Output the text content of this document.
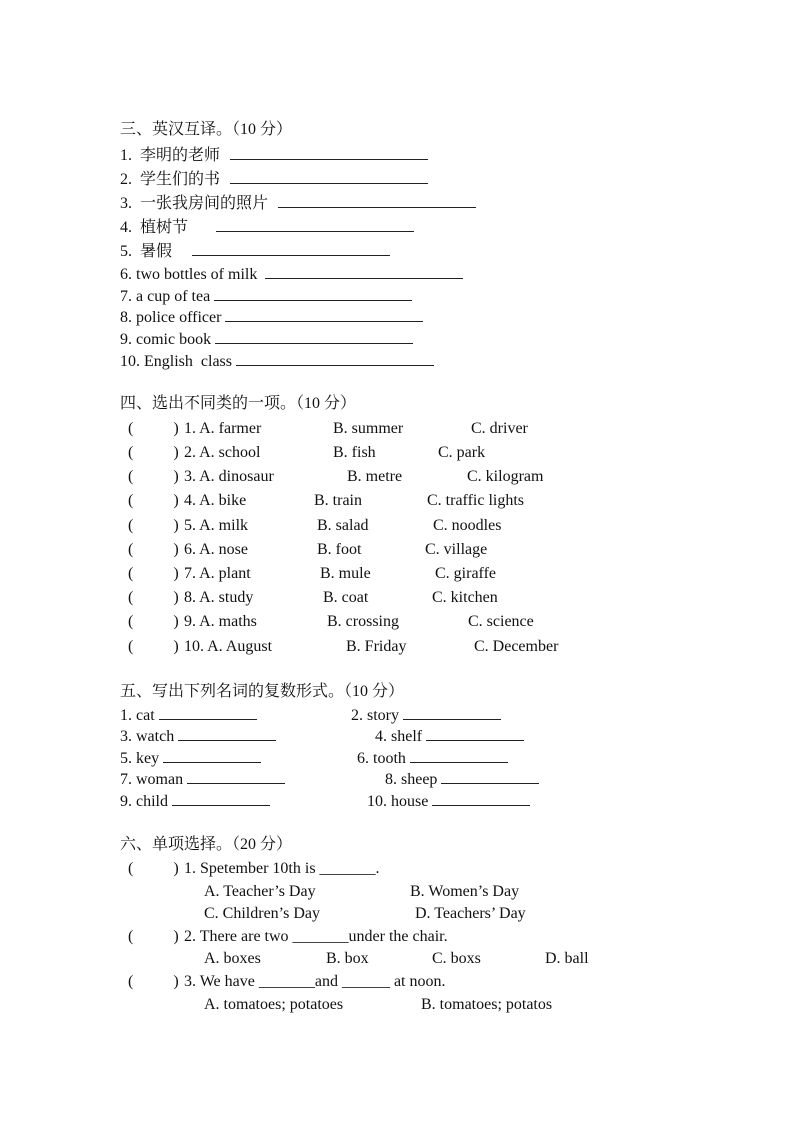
三、英汉互译。（10 分）
1.  李明的老师
2.  学生们的书
3.  一张我房间的照片
4.  植树节
5.  暑假
6. two bottles of milk
7. a cup of tea
8. police officer
9. comic book
10. English  class
四、选出不同类的一项。（10 分）
(          ) 1. A. farmer	B. summer	C. driver
(          ) 2. A. school	B. fish	C. park
(          ) 3. A. dinosaur	B. metre	C. kilogram
(          ) 4. A. bike	B. train	C. traffic lights
(          ) 5. A. milk	B. salad	C. noodles
(          ) 6. A. nose	B. foot	C. village
(          ) 7. A. plant	B. mule	C. giraffe
(          ) 8. A. study	B. coat	C. kitchen
(          ) 9. A. maths	B. crossing	C. science
(          ) 10. A. August	B. Friday	C. December
五、写出下列名词的复数形式。（10 分）
1. cat	2. story
3. watch	4. shelf
5. key	6. tooth
7. woman	8. sheep
9. child	10. house
六、单项选择。（20 分）
(          ) 1. Spetember 10th is _______.
A. Teacher’s Day	B. Women’s Day
C. Children’s Day	D. Teachers’ Day
(          ) 2. There are two _______under the chair.
A. boxes	B. box	C. boxs	D. ball
(          ) 3. We have _______and ______ at noon.
A. tomatoes; potatoes	B. tomatoes; potatos
